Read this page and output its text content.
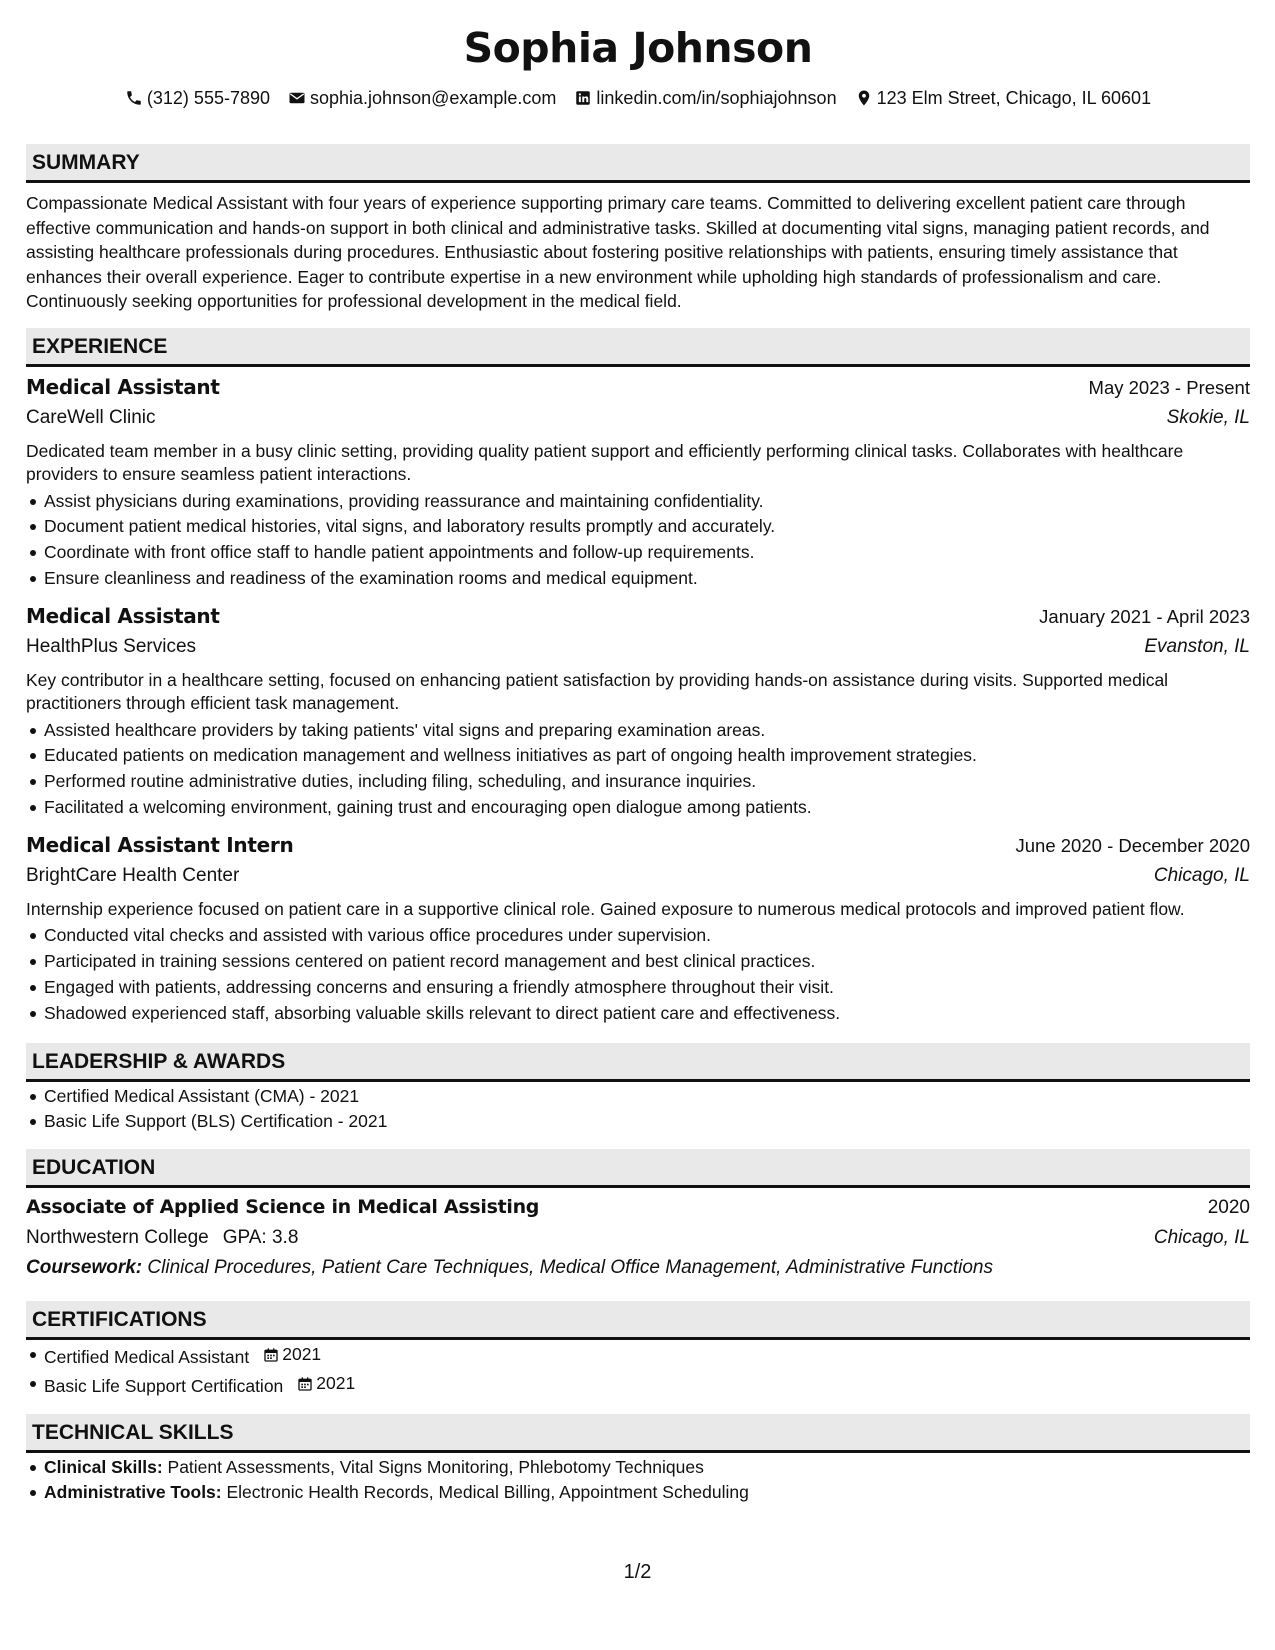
Sophia Johnson
(312) 555-7890 sophia.johnson@example.com linkedin.com/in/sophiajohnson 123 Elm Street, Chicago, IL 60601
SUMMARY
Compassionate Medical Assistant with four years of experience supporting primary care teams. Committed to delivering excellent patient care through effective communication and hands-on support in both clinical and administrative tasks. Skilled at documenting vital signs, managing patient records, and assisting healthcare professionals during procedures. Enthusiastic about fostering positive relationships with patients, ensuring timely assistance that enhances their overall experience. Eager to contribute expertise in a new environment while upholding high standards of professionalism and care. Continuously seeking opportunities for professional development in the medical field.
EXPERIENCE
Medical Assistant	May 2023 - Present
CareWell Clinic	Skokie, IL
Dedicated team member in a busy clinic setting, providing quality patient support and efficiently performing clinical tasks. Collaborates with healthcare providers to ensure seamless patient interactions.
Assist physicians during examinations, providing reassurance and maintaining confidentiality.
Document patient medical histories, vital signs, and laboratory results promptly and accurately.
Coordinate with front office staff to handle patient appointments and follow-up requirements.
Ensure cleanliness and readiness of the examination rooms and medical equipment.
Medical Assistant	January 2021 - April 2023
HealthPlus Services	Evanston, IL
Key contributor in a healthcare setting, focused on enhancing patient satisfaction by providing hands-on assistance during visits. Supported medical practitioners through efficient task management.
Assisted healthcare providers by taking patients' vital signs and preparing examination areas.
Educated patients on medication management and wellness initiatives as part of ongoing health improvement strategies.
Performed routine administrative duties, including filing, scheduling, and insurance inquiries.
Facilitated a welcoming environment, gaining trust and encouraging open dialogue among patients.
Medical Assistant Intern	June 2020 - December 2020
BrightCare Health Center	Chicago, IL
Internship experience focused on patient care in a supportive clinical role. Gained exposure to numerous medical protocols and improved patient flow.
Conducted vital checks and assisted with various office procedures under supervision.
Participated in training sessions centered on patient record management and best clinical practices.
Engaged with patients, addressing concerns and ensuring a friendly atmosphere throughout their visit.
Shadowed experienced staff, absorbing valuable skills relevant to direct patient care and effectiveness.
LEADERSHIP & AWARDS
Certified Medical Assistant (CMA) - 2021
Basic Life Support (BLS) Certification - 2021
EDUCATION
Associate of Applied Science in Medical Assisting	2020
Northwestern College GPA: 3.8	Chicago, IL
Coursework: Clinical Procedures, Patient Care Techniques, Medical Office Management, Administrative Functions
CERTIFICATIONS
Certified Medical Assistant 2021
Basic Life Support Certification 2021
TECHNICAL SKILLS
Clinical Skills: Patient Assessments, Vital Signs Monitoring, Phlebotomy Techniques
Administrative Tools: Electronic Health Records, Medical Billing, Appointment Scheduling
1/2
